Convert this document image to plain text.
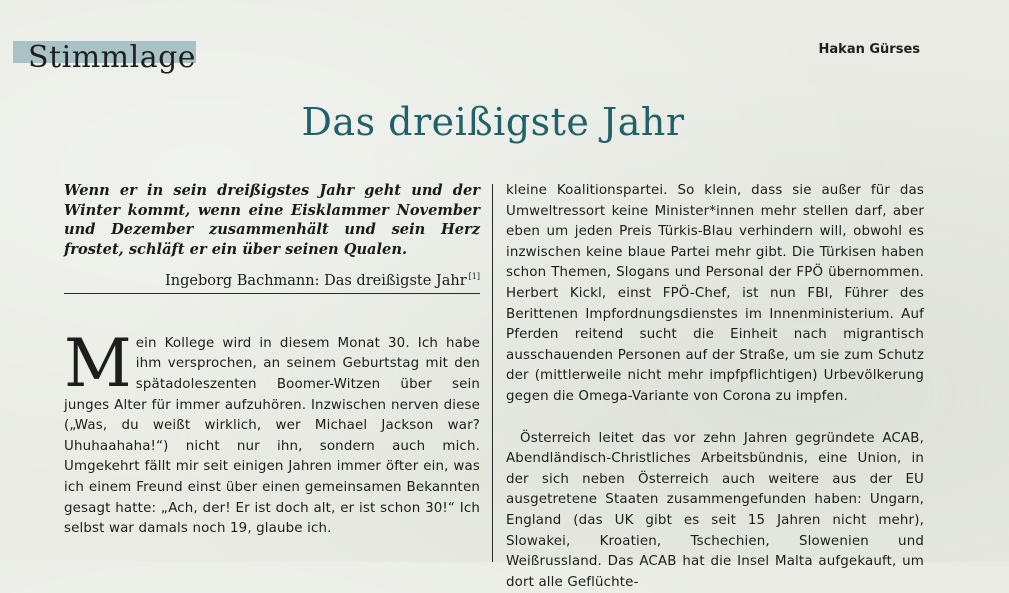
Stimmlage	Hakan Gürses
Das dreißigste Jahr

Wenn er in sein dreißigstes Jahr geht und der Winter kommt, wenn eine Eisklammer November und Dezember zusammenhält und sein Herz frostet, schläft er ein über seinen Qualen.

Ingeborg Bachmann: Das dreißigste Jahr [1]

Mein Kollege wird in diesem Monat 30. Ich habe ihm versprochen, an seinem Geburtstag mit den spätadoleszenten Boomer-Witzen über sein junges Alter für immer aufzuhören. Inzwischen nerven diese („Was, du weißt wirklich, wer Michael Jackson war? Uhuhaahaha!“) nicht nur ihn, sondern auch mich. Umgekehrt fällt mir seit einigen Jahren immer öfter ein, was ich einem Freund einst über einen gemeinsamen Bekannten gesagt hatte: „Ach, der! Er ist doch alt, er ist schon 30!“ Ich selbst war damals noch 19, glaube ich.

kleine Koalitionspartei. So klein, dass sie außer für das Umweltressort keine Minister*innen mehr stellen darf, aber eben um jeden Preis Türkis-Blau verhindern will, obwohl es inzwischen keine blaue Partei mehr gibt. Die Türkisen haben schon Themen, Slogans und Personal der FPÖ übernommen. Herbert Kickl, einst FPÖ-Chef, ist nun FBI, Führer des Berittenen Impfordnungsdienstes im Innenministerium. Auf Pferden reitend sucht die Einheit nach migrantisch ausschauenden Personen auf der Straße, um sie zum Schutz der (mittlerweile nicht mehr impfpflichtigen) Urbevölkerung gegen die Omega-Variante von Corona zu impfen.

Österreich leitet das vor zehn Jahren gegründete ACAB, Abendländisch-Christliches Arbeitsbündnis, eine Union, in der sich neben Österreich auch weitere aus der EU ausgetretene Staaten zusammengefunden haben: Ungarn, England (das UK gibt es seit 15 Jahren nicht mehr), Slowakei, Kroatien, Tschechien, Slowenien und Weißrussland. Das ACAB hat die Insel Malta aufgekauft, um dort alle Geflüchte-
